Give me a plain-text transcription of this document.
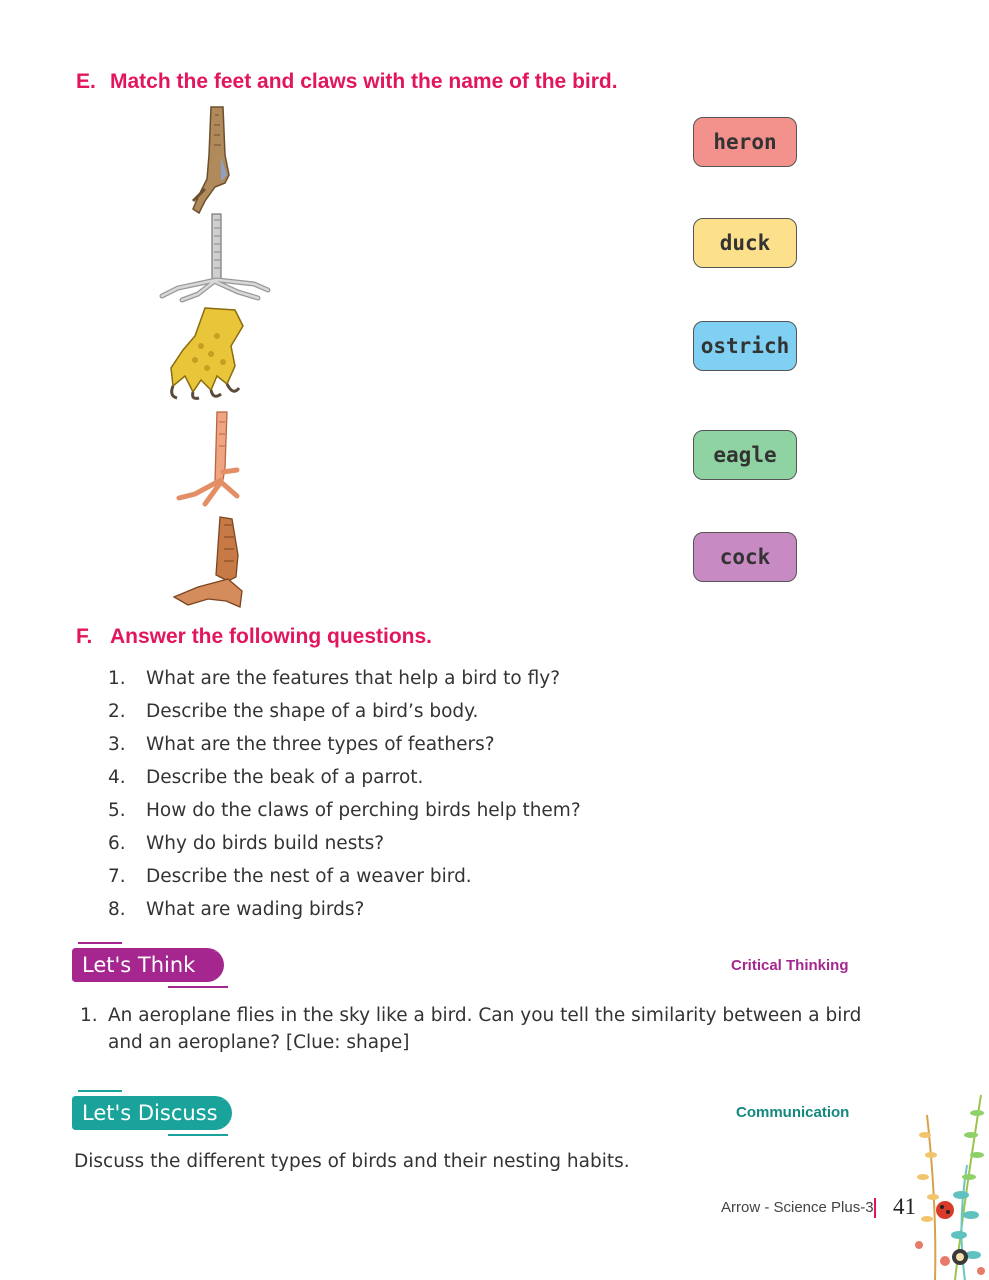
E. Match the feet and claws with the name of the bird.
heron
duck
ostrich
eagle
cock
F. Answer the following questions.
1.	What are the features that help a bird to fly?
2.	Describe the shape of a bird’s body.
3.	What are the three types of feathers?
4.	Describe the beak of a parrot.
5.	How do the claws of perching birds help them?
6.	Why do birds build nests?
7.	Describe the nest of a weaver bird.
8.	What are wading birds?
Let's Think	Critical Thinking
1. An aeroplane flies in the sky like a bird. Can you tell the similarity between a bird
and an aeroplane? [Clue: shape]
Let's Discuss	Communication
Discuss the different types of birds and their nesting habits.
Arrow - Science Plus-3 41
